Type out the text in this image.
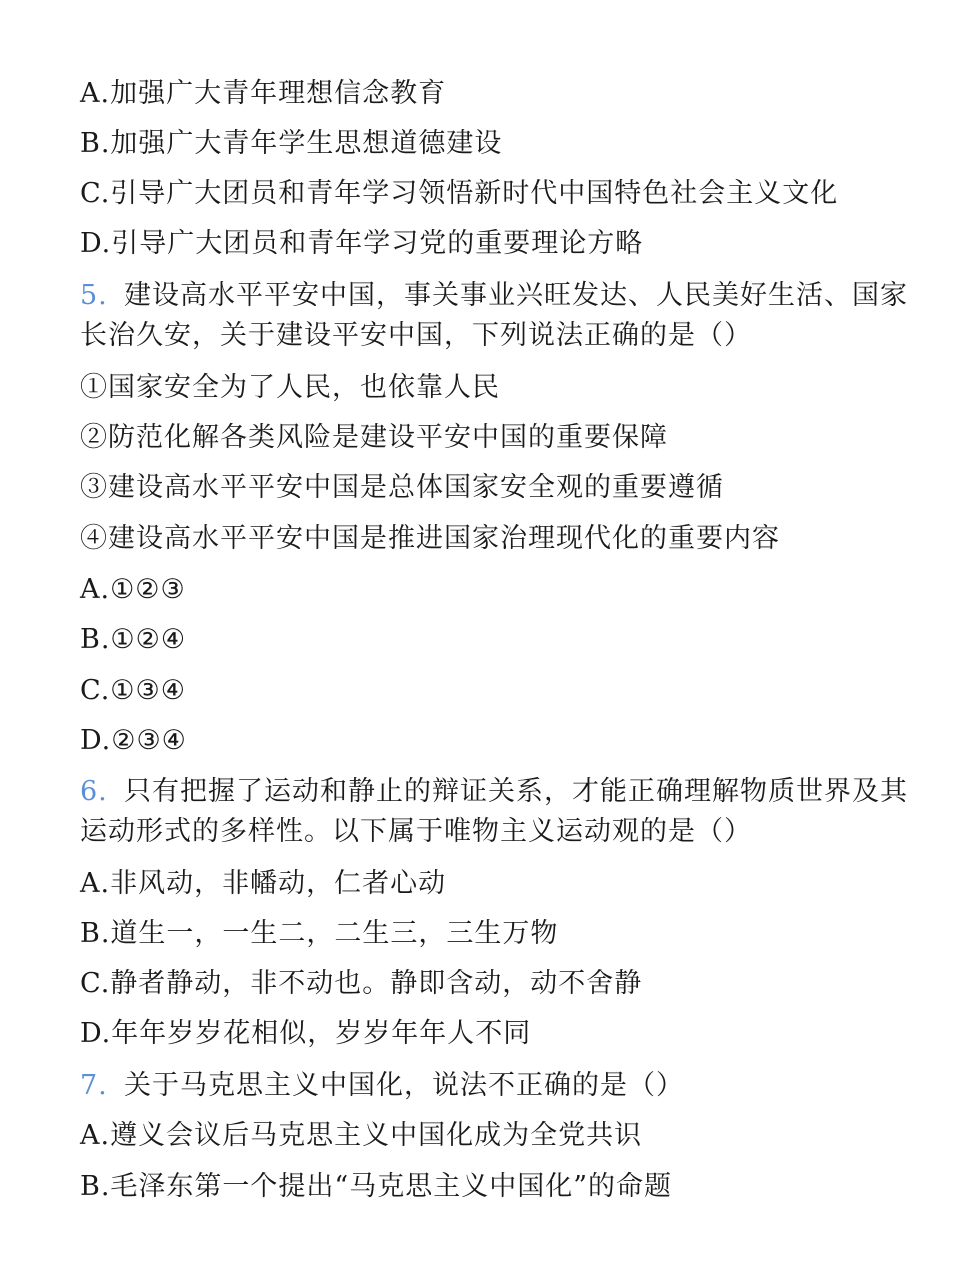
A.加强广大青年理想信念教育
B.加强广大青年学生思想道德建设
C.引导广大团员和青年学习领悟新时代中国特色社会主义文化
D.引导广大团员和青年学习党的重要理论方略
5. 建设高水平平安中国，事关事业兴旺发达、人民美好生活、国家
长治久安，关于建设平安中国，下列说法正确的是（）
①国家安全为了人民，也依靠人民
②防范化解各类风险是建设平安中国的重要保障
③建设高水平平安中国是总体国家安全观的重要遵循
④建设高水平平安中国是推进国家治理现代化的重要内容
A.①②③
B.①②④
C.①③④
D.②③④
6. 只有把握了运动和静止的辩证关系，才能正确理解物质世界及其
运动形式的多样性。以下属于唯物主义运动观的是（）
A.非风动，非幡动，仁者心动
B.道生一，一生二，二生三，三生万物
C.静者静动，非不动也。静即含动，动不舍静
D.年年岁岁花相似，岁岁年年人不同
7. 关于马克思主义中国化，说法不正确的是（）
A.遵义会议后马克思主义中国化成为全党共识
B.毛泽东第一个提出“马克思主义中国化”的命题
